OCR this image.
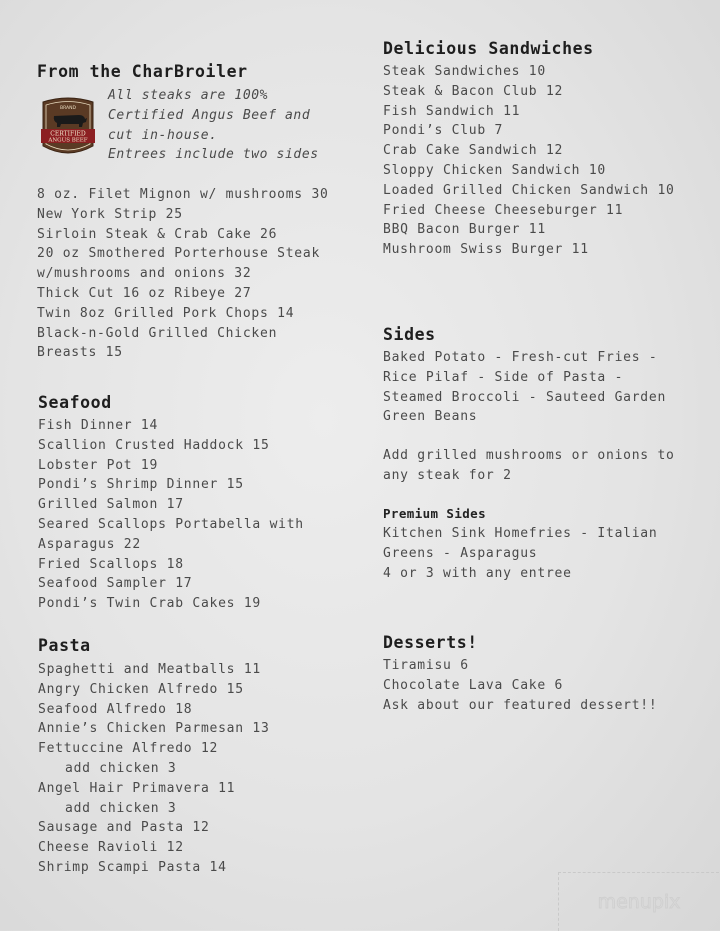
From the CharBroiler
BRAND
CERTIFIED
ANGUS BEEF
All steaks are 100%
Certified Angus Beef and
cut in-house.
Entrees include two sides
8 oz. Filet Mignon w/ mushrooms 30
New York Strip 25
Sirloin Steak & Crab Cake 26
20 oz Smothered Porterhouse Steak
w/mushrooms and onions 32
Thick Cut 16 oz Ribeye 27
Twin 8oz Grilled Pork Chops 14
Black-n-Gold Grilled Chicken
Breasts 15
Seafood
Fish Dinner 14
Scallion Crusted Haddock 15
Lobster Pot 19
Pondi’s Shrimp Dinner 15
Grilled Salmon 17
Seared Scallops Portabella with
Asparagus 22
Fried Scallops 18
Seafood Sampler 17
Pondi’s Twin Crab Cakes 19
Pasta
Spaghetti and Meatballs 11
Angry Chicken Alfredo 15
Seafood Alfredo 18
Annie’s Chicken Parmesan 13
Fettuccine Alfredo 12
add chicken 3
Angel Hair Primavera 11
add chicken 3
Sausage and Pasta 12
Cheese Ravioli 12
Shrimp Scampi Pasta 14
Delicious Sandwiches
Steak Sandwiches 10
Steak & Bacon Club 12
Fish Sandwich 11
Pondi’s Club 7
Crab Cake Sandwich 12
Sloppy Chicken Sandwich 10
Loaded Grilled Chicken Sandwich 10
Fried Cheese Cheeseburger 11
BBQ Bacon Burger 11
Mushroom Swiss Burger 11
Sides
Baked Potato - Fresh-cut Fries -
Rice Pilaf - Side of Pasta -
Steamed Broccoli - Sauteed Garden
Green Beans
Add grilled mushrooms or onions to
any steak for 2
Premium Sides
Kitchen Sink Homefries - Italian
Greens - Asparagus
4 or 3 with any entree
Desserts!
Tiramisu 6
Chocolate Lava Cake 6
Ask about our featured dessert!!
menupix
